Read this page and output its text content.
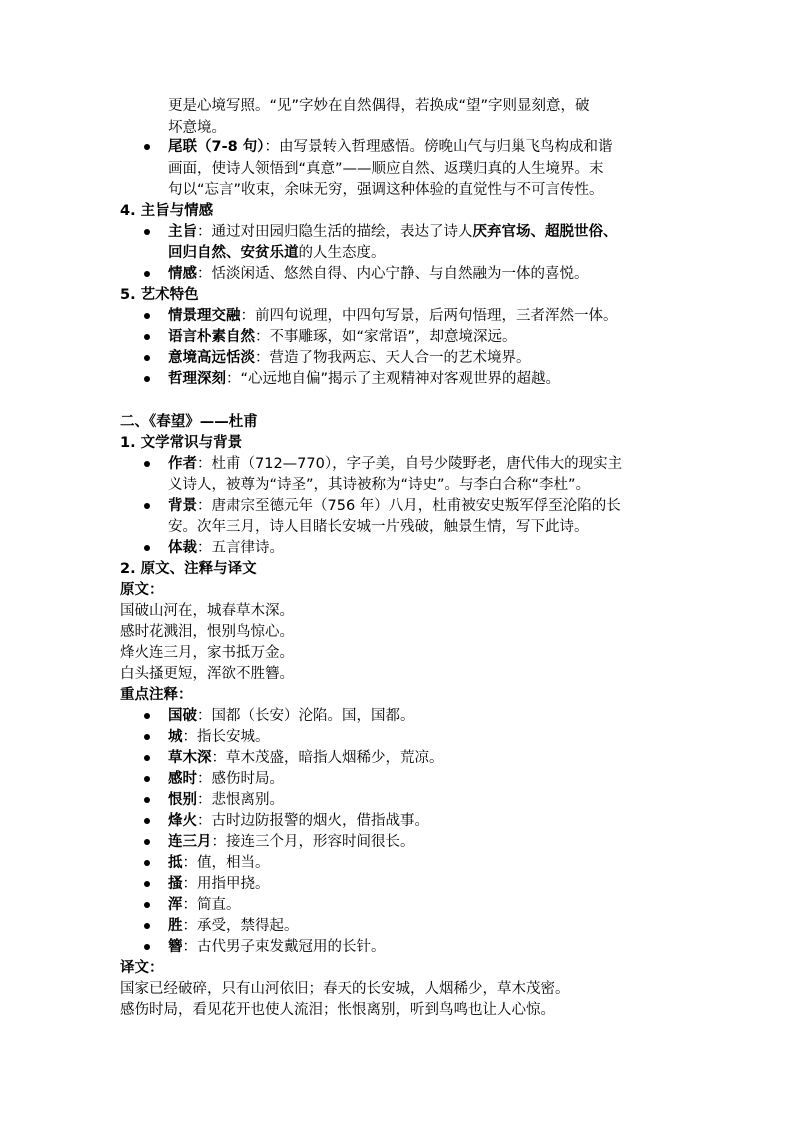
更是心境写照。“见”字妙在自然偶得，若换成“望”字则显刻意，破
坏意境。
尾联（7-8 句）：由写景转入哲理感悟。傍晚山气与归巢飞鸟构成和谐
画面，使诗人领悟到“真意”——顺应自然、返璞归真的人生境界。末
句以“忘言”收束，余味无穷，强调这种体验的直觉性与不可言传性。
4. 主旨与情感
主旨：通过对田园归隐生活的描绘，表达了诗人厌弃官场、超脱世俗、
回归自然、安贫乐道的人生态度。
情感：恬淡闲适、悠然自得、内心宁静、与自然融为一体的喜悦。
5. 艺术特色
情景理交融：前四句说理，中四句写景，后两句悟理，三者浑然一体。
语言朴素自然：不事雕琢，如“家常语”，却意境深远。
意境高远恬淡：营造了物我两忘、天人合一的艺术境界。
哲理深刻：“心远地自偏”揭示了主观精神对客观世界的超越。
二、《春望》——杜甫
1. 文学常识与背景
作者：杜甫（712—770），字子美，自号少陵野老，唐代伟大的现实主
义诗人，被尊为“诗圣”，其诗被称为“诗史”。与李白合称“李杜”。
背景：唐肃宗至德元年（756 年）八月，杜甫被安史叛军俘至沦陷的长
安。次年三月，诗人目睹长安城一片残破，触景生情，写下此诗。
体裁：五言律诗。
2. 原文、注释与译文
原文：
国破山河在，城春草木深。
感时花溅泪，恨别鸟惊心。
烽火连三月，家书抵万金。
白头搔更短，浑欲不胜簪。
重点注释：
国破：国都（长安）沦陷。国，国都。
城：指长安城。
草木深：草木茂盛，暗指人烟稀少，荒凉。
感时：感伤时局。
恨别：悲恨离别。
烽火：古时边防报警的烟火，借指战事。
连三月：接连三个月，形容时间很长。
抵：值，相当。
搔：用指甲挠。
浑：简直。
胜：承受，禁得起。
簪：古代男子束发戴冠用的长针。
译文：
国家已经破碎，只有山河依旧；春天的长安城，人烟稀少，草木茂密。
感伤时局，看见花开也使人流泪；怅恨离别，听到鸟鸣也让人心惊。
